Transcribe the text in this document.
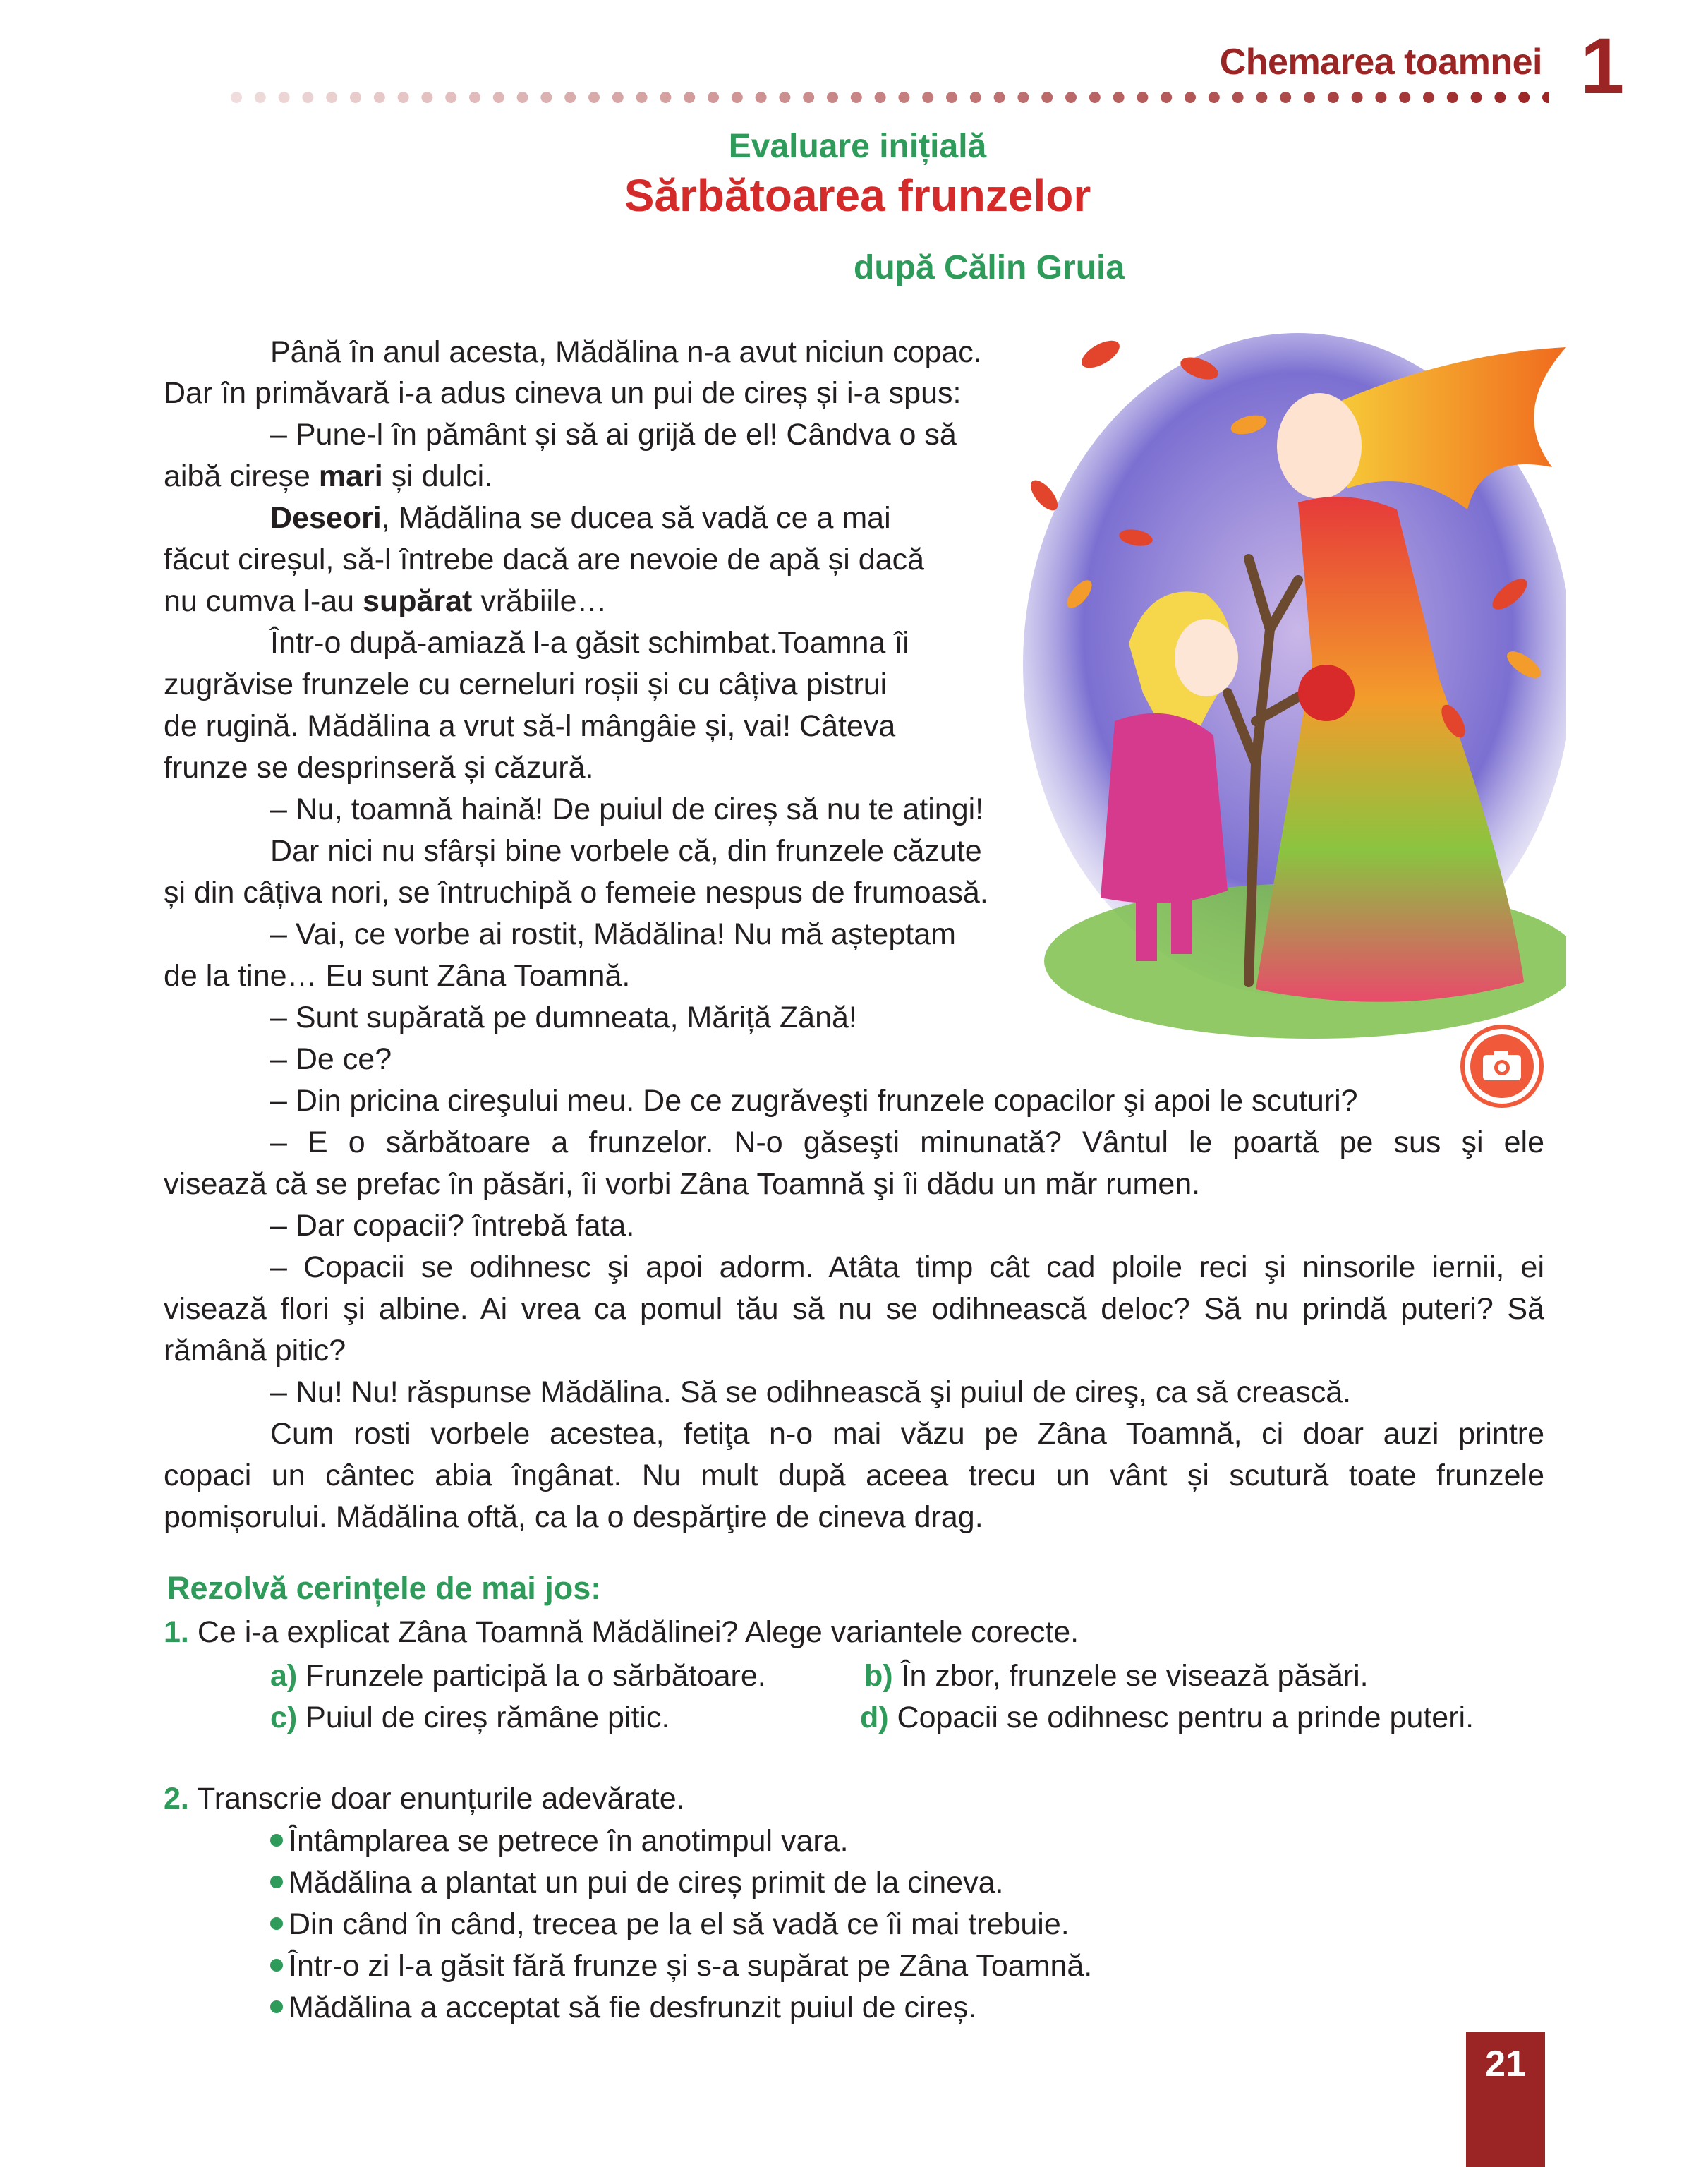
Chemarea toamnei 1
Evaluare inițială
Sărbătoarea frunzelor
după Călin Gruia
Până în anul acesta, Mădălina n-a avut niciun copac.
Dar în primăvară i-a adus cineva un pui de cireș și i-a spus:
– Pune-l în pământ și să ai grijă de el! Cândva o să
aibă cireșe mari și dulci.
Deseori, Mădălina se ducea să vadă ce a mai
făcut cireșul, să-l întrebe dacă are nevoie de apă și dacă
nu cumva l-au supărat vrăbiile…
Într-o după-amiază l-a găsit schimbat.Toamna îi
zugrăvise frunzele cu cerneluri roșii și cu câțiva pistrui
de rugină. Mădălina a vrut să-l mângâie și, vai! Câteva
frunze se desprinseră și căzură.
– Nu, toamnă hainӑ! De puiul de cireș să nu te atingi!
Dar nici nu sfârși bine vorbele că, din frunzele căzute
și din câțiva nori, se întruchipă o femeie nespus de frumoasă.
– Vai, ce vorbe ai rostit, Mădălina! Nu mă așteptam
de la tine… Eu sunt Zâna Toamnă.
– Sunt supărată pe dumneata, Măriță Zână!
– De ce?
– Din pricina cireşului meu. De ce zugrăveşti frunzele copacilor şi apoi le scuturi?
– E o sărbătoare a frunzelor. N-o găseşti minunată? Vântul le poartă pe sus şi ele
visează că se prefac în păsări, îi vorbi Zâna Toamnă şi îi dădu un măr rumen.
– Dar copacii? întrebă fata.
– Copacii se odihnesc şi apoi adorm. Atâta timp cât cad ploile reci şi ninsorile iernii, ei
visează flori şi albine. Ai vrea ca pomul tău să nu se odihnească deloc? Să nu prindă puteri? Să
rămână pitic?
– Nu! Nu! răspunse Mădălina. Să se odihnească şi puiul de cireş, ca să crească.
Cum rosti vorbele acestea, fetiţa n-o mai văzu pe Zâna Toamnă, ci doar auzi printre
copaci un cântec abia îngânat. Nu mult după aceea trecu un vânt și scutură toate frunzele
pomișorului. Mădălina oftă, ca la o despărţire de cineva drag.
Rezolvă cerințele de mai jos:
1. Ce i-a explicat Zâna Toamnă Mădălinei? Alege variantele corecte.
a) Frunzele participă la o sărbătoare.	b) În zbor, frunzele se visează păsări.
c) Puiul de cireș rămâne pitic.	d) Copacii se odihnesc pentru a prinde puteri.
2. Transcrie doar enunțurile adevărate.
Întâmplarea se petrece în anotimpul vara.
Mădălina a plantat un pui de cireș primit de la cineva.
Din când în când, trecea pe la el să vadă ce îi mai trebuie.
Într-o zi l-a găsit fără frunze și s-a supărat pe Zâna Toamnă.
Mădălina a acceptat să fie desfrunzit puiul de cireș.
21
